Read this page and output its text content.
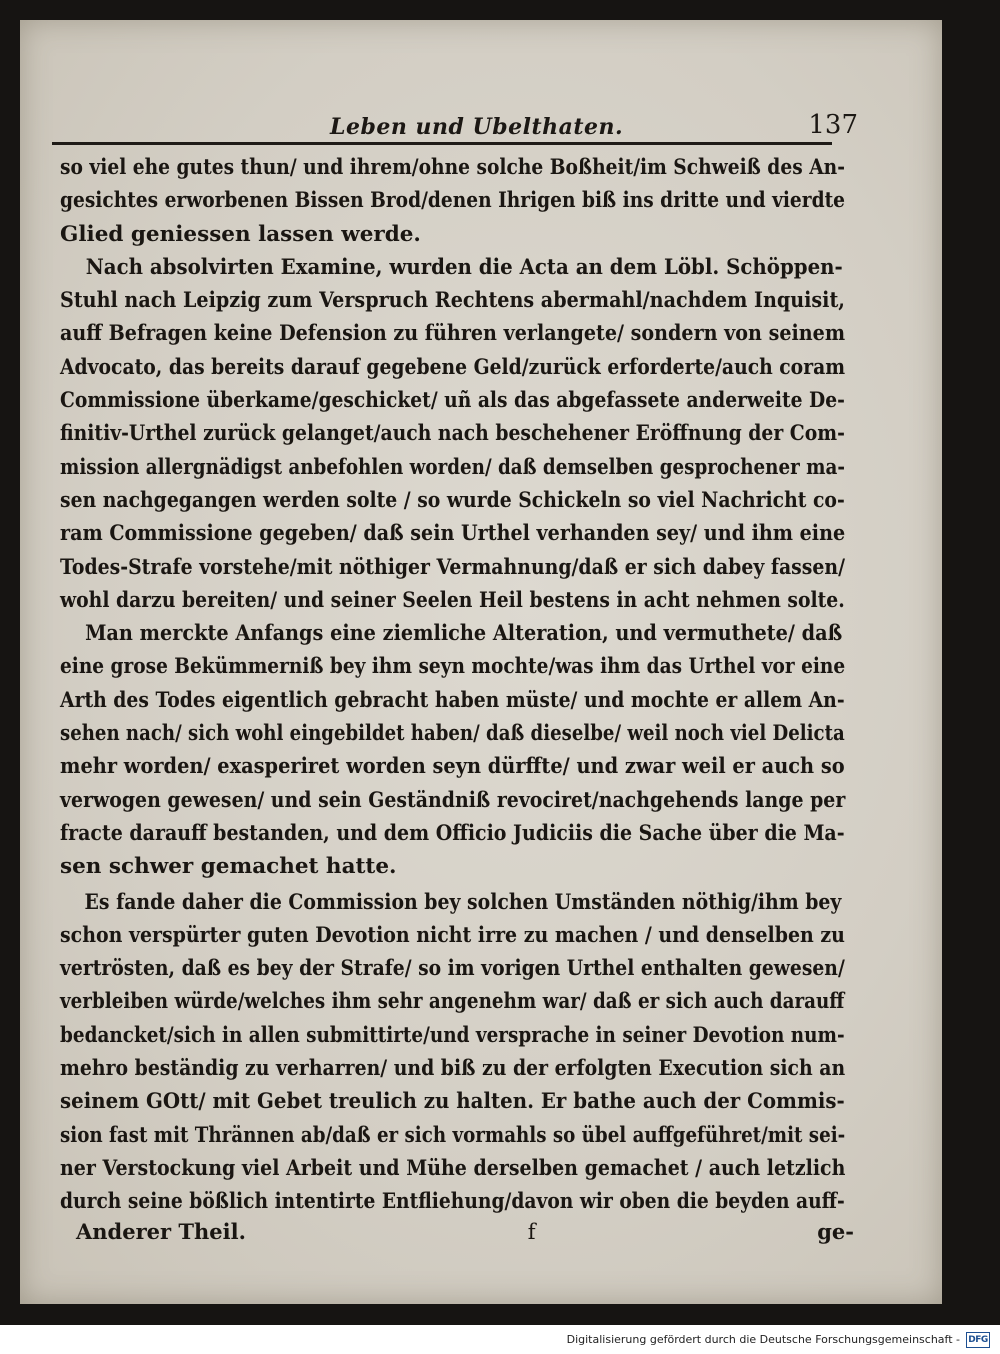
Leben und Ubelthaten.	137
so viel ehe gutes thun/ und ihrem/ohne solche Boßheit/im Schweiß des An-
gesichtes erworbenen Bissen Brod/denen Ihrigen biß ins dritte und vierdte
Glied geniessen lassen werde.
Nach absolvirten Examine, wurden die Acta an dem Löbl. Schöppen-
Stuhl nach Leipzig zum Verspruch Rechtens abermahl/nachdem Inquisit,
auff Befragen keine Defension zu führen verlangete/ sondern von seinem
Advocato, das bereits darauf gegebene Geld/zurück erforderte/auch coram
Commissione überkame/geschicket/ uñ als das abgefassete anderweite De-
finitiv-Urthel zurück gelanget/auch nach beschehener Eröffnung der Com-
mission allergnädigst anbefohlen worden/ daß demselben gesprochener ma-
sen nachgegangen werden solte / so wurde Schickeln so viel Nachricht co-
ram Commissione gegeben/ daß sein Urthel verhanden sey/ und ihm eine
Todes-Strafe vorstehe/mit nöthiger Vermahnung/daß er sich dabey fassen/
wohl darzu bereiten/ und seiner Seelen Heil bestens in acht nehmen solte.
Man merckte Anfangs eine ziemliche Alteration, und vermuthete/ daß
eine grose Bekümmerniß bey ihm seyn mochte/was ihm das Urthel vor eine
Arth des Todes eigentlich gebracht haben müste/ und mochte er allem An-
sehen nach/ sich wohl eingebildet haben/ daß dieselbe/ weil noch viel Delicta
mehr worden/ exasperiret worden seyn dürffte/ und zwar weil er auch so
verwogen gewesen/ und sein Geständniß revociret/nachgehends lange per
fracte darauff bestanden, und dem Officio Judiciis die Sache über die Ma-
sen schwer gemachet hatte.
Es fande daher die Commission bey solchen Umständen nöthig/ihm bey
schon verspürter guten Devotion nicht irre zu machen / und denselben zu
vertrösten, daß es bey der Strafe/ so im vorigen Urthel enthalten gewesen/
verbleiben würde/welches ihm sehr angenehm war/ daß er sich auch darauff
bedancket/sich in allen submittirte/und versprache in seiner Devotion num-
mehro beständig zu verharren/ und biß zu der erfolgten Execution sich an
seinem GOtt/ mit Gebet treulich zu halten. Er bathe auch der Commis-
sion fast mit Thrännen ab/daß er sich vormahls so übel auffgeführet/mit sei-
ner Verstockung viel Arbeit und Mühe derselben gemachet / auch letzlich
durch seine bößlich intentirte Entfliehung/davon wir oben die beyden auff-
Anderer Theil.	f	ge-
Digitalisierung gefördert durch die Deutsche Forschungsgemeinschaft - DFG
